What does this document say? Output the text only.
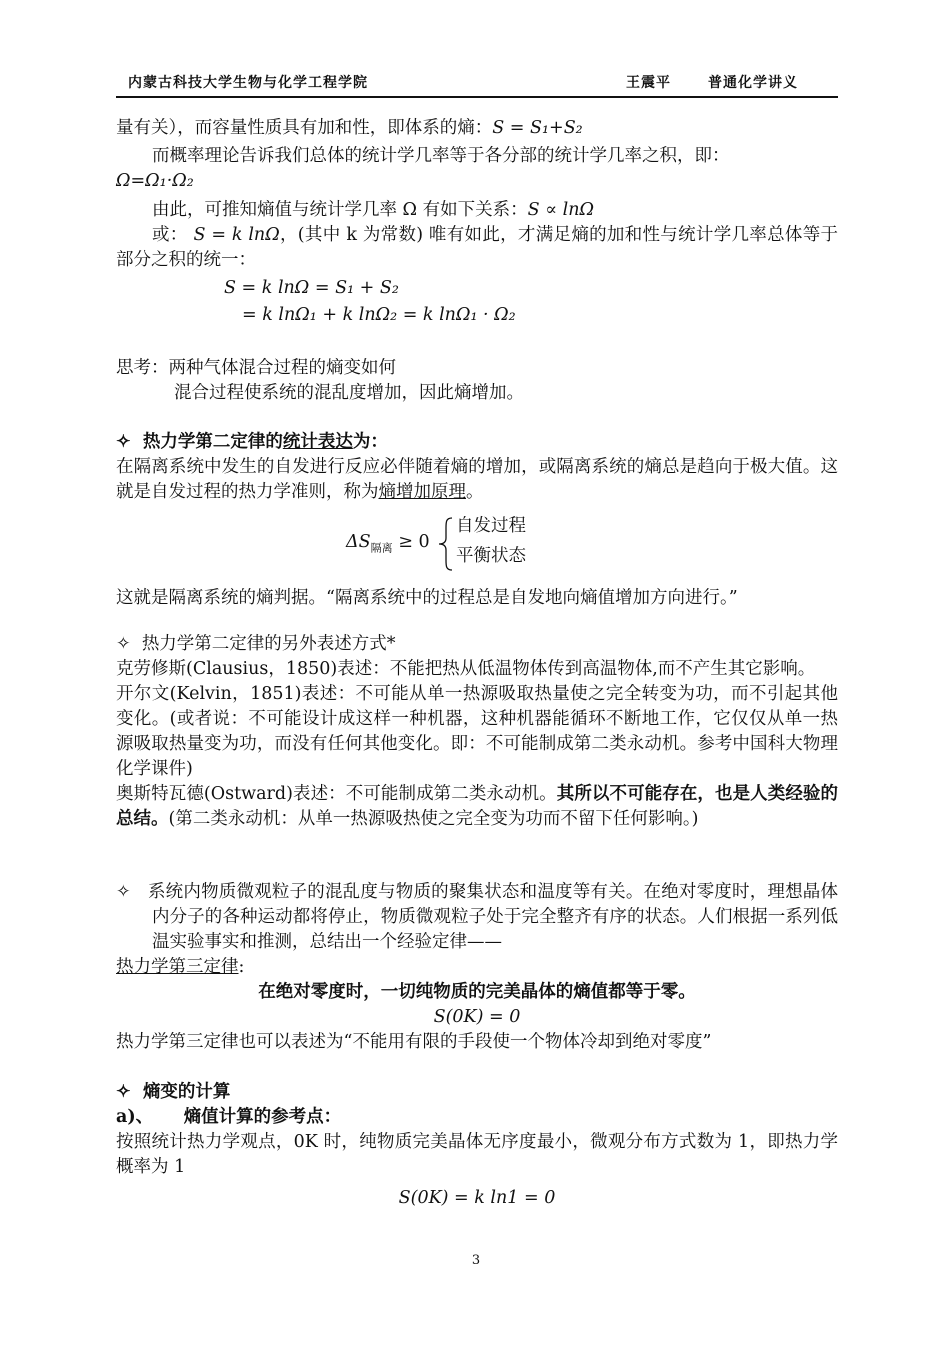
内蒙古科技大学生物与化学工程学院	王震平	普通化学讲义

量有关），而容量性质具有加和性，即体系的熵：S = S₁+S₂

而概率理论告诉我们总体的统计学几率等于各分部的统计学几率之积，即：

Ω=Ω₁·Ω₂

由此，可推知熵值与统计学几率 Ω 有如下关系：S ∝ lnΩ

或： S = k lnΩ，(其中 k 为常数) 唯有如此，才满足熵的加和性与统计学几率总体等于部分之积的统一：

S = k lnΩ = S₁ + S₂
= k lnΩ₁ + k lnΩ₂ = k lnΩ₁ · Ω₂

思考：两种气体混合过程的熵变如何

混合过程使系统的混乱度增加，因此熵增加。

✧ 热力学第二定律的统计表达为：

在隔离系统中发生的自发进行反应必伴随着熵的增加，或隔离系统的熵总是趋向于极大值。这就是自发过程的热力学准则，称为熵增加原理。

$\Delta S_{隔离} \ge 0$
自发过程
平衡状态

这就是隔离系统的熵判据。“隔离系统中的过程总是自发地向熵值增加方向进行。”

✧ 热力学第二定律的另外表述方式*

克劳修斯(Clausius，1850)表述：不能把热从低温物体传到高温物体,而不产生其它影响。

开尔文(Kelvin，1851)表述：不可能从单一热源吸取热量使之完全转变为功，而不引起其他变化。(或者说：不可能设计成这样一种机器，这种机器能循环不断地工作，它仅仅从单一热源吸取热量变为功，而没有任何其他变化。即：不可能制成第二类永动机。参考中国科大物理化学课件)

奥斯特瓦德(Ostward)表述：不可能制成第二类永动机。其所以不可能存在，也是人类经验的总结。(第二类永动机：从单一热源吸热使之完全变为功而不留下任何影响。)

✧ 系统内物质微观粒子的混乱度与物质的聚集状态和温度等有关。在绝对零度时，理想晶体内分子的各种运动都将停止，物质微观粒子处于完全整齐有序的状态。人们根据一系列低温实验事实和推测，总结出一个经验定律——

热力学第三定律:

在绝对零度时，一切纯物质的完美晶体的熵值都等于零。

S(0K) = 0

热力学第三定律也可以表述为“不能用有限的手段使一个物体冷却到绝对零度”

✧ 熵变的计算

a)、 熵值计算的参考点：

按照统计热力学观点，0K 时，纯物质完美晶体无序度最小，微观分布方式数为 1，即热力学概率为 1

S(0K) = k ln1 = 0

3
